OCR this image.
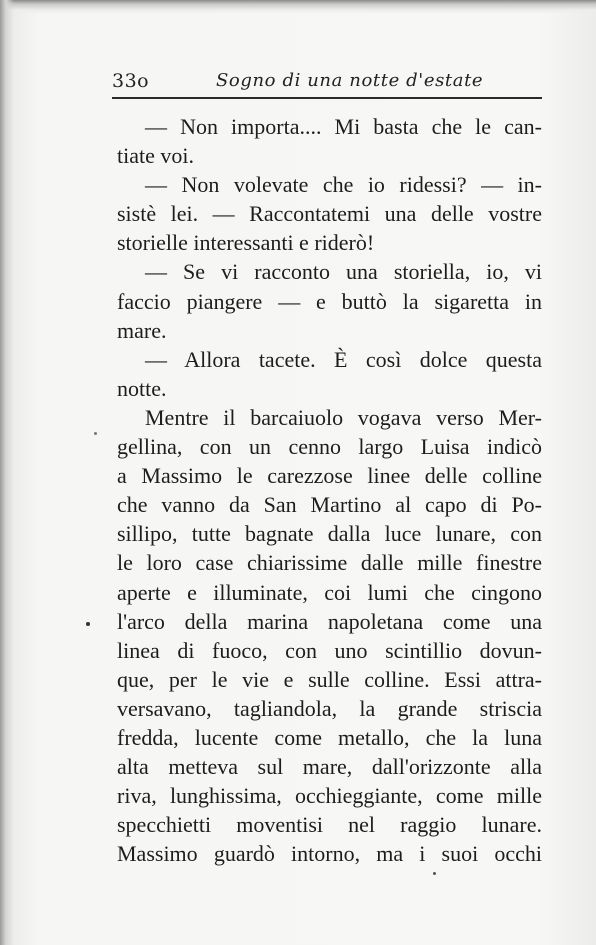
33o	Sogno di una notte d'estate
— Non importa.... Mi basta che le can-
tiate voi.
— Non volevate che io ridessi? — in-
sistè lei. — Raccontatemi una delle vostre
storielle interessanti e riderò!
— Se vi racconto una storiella, io, vi
faccio piangere — e buttò la sigaretta in
mare.
— Allora tacete. È così dolce questa
notte.
Mentre il barcaiuolo vogava verso Mer-
gellina, con un cenno largo Luisa indicò
a Massimo le carezzose linee delle colline
che vanno da San Martino al capo di Po-
sillipo, tutte bagnate dalla luce lunare, con
le loro case chiarissime dalle mille finestre
aperte e illuminate, coi lumi che cingono
l'arco della marina napoletana come una
linea di fuoco, con uno scintillio dovun-
que, per le vie e sulle colline. Essi attra-
versavano, tagliandola, la grande striscia
fredda, lucente come metallo, che la luna
alta metteva sul mare, dall'orizzonte alla
riva, lunghissima, occhieggiante, come mille
specchietti moventisi nel raggio lunare.
Massimo guardò intorno, ma i suoi occhi
